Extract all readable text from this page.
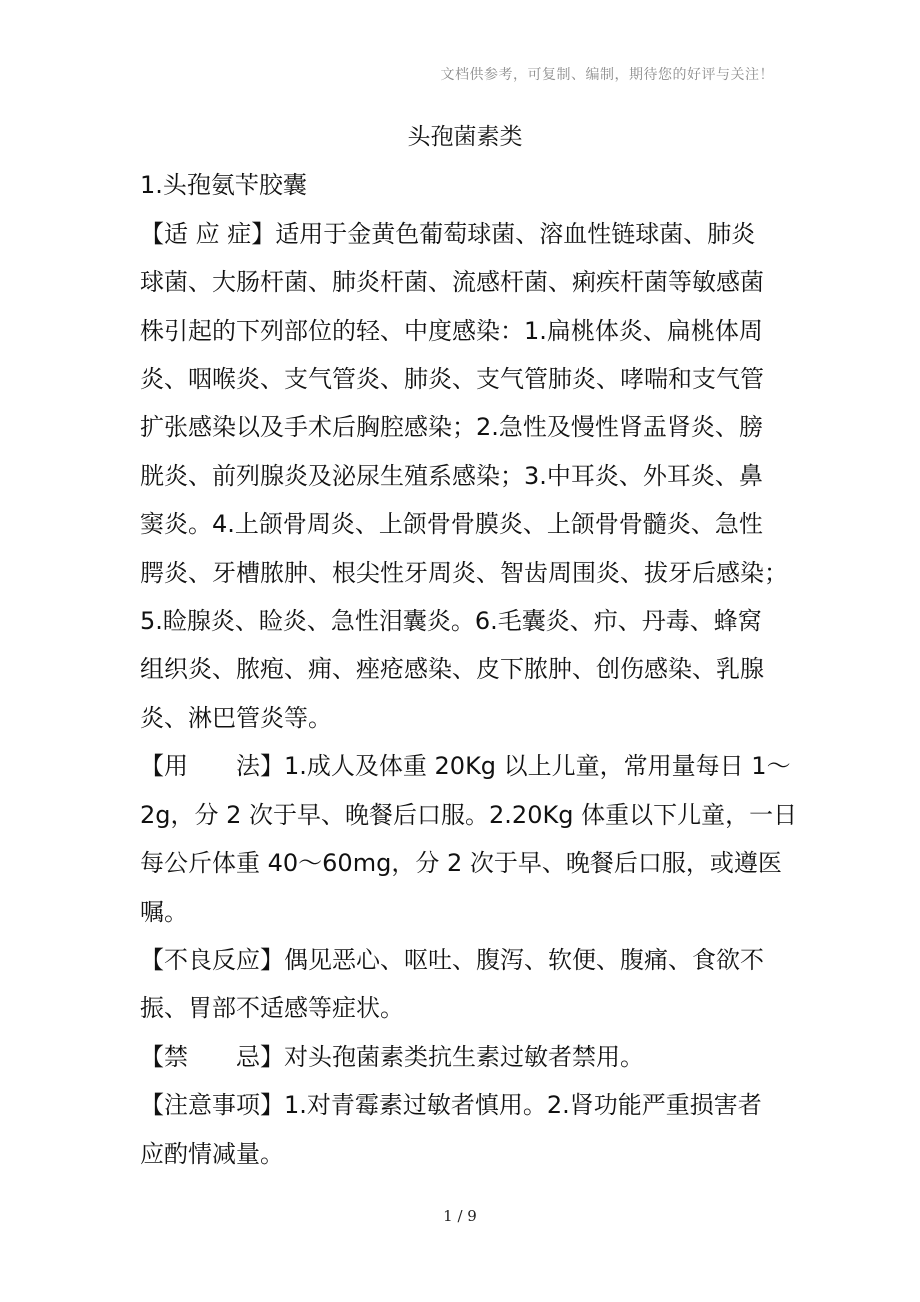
文档供参考，可复制、编制，期待您的好评与关注！
头孢菌素类
1.头孢氨苄胶囊
【适 应 症】适用于金黄色葡萄球菌、溶血性链球菌、肺炎
球菌、大肠杆菌、肺炎杆菌、流感杆菌、痢疾杆菌等敏感菌
株引起的下列部位的轻、中度感染：1.扁桃体炎、扁桃体周
炎、咽喉炎、支气管炎、肺炎、支气管肺炎、哮喘和支气管
扩张感染以及手术后胸腔感染；2.急性及慢性肾盂肾炎、膀
胱炎、前列腺炎及泌尿生殖系感染；3.中耳炎、外耳炎、鼻
窦炎。4.上颌骨周炎、上颌骨骨膜炎、上颌骨骨髓炎、急性
腭炎、牙槽脓肿、根尖性牙周炎、智齿周围炎、拔牙后感染；
5.睑腺炎、睑炎、急性泪囊炎。6.毛囊炎、疖、丹毒、蜂窝
组织炎、脓疱、痈、痤疮感染、皮下脓肿、创伤感染、乳腺
炎、淋巴管炎等。
【用　　法】1.成人及体重 20Kg 以上儿童，常用量每日 1～
2g，分 2 次于早、晚餐后口服。2.20Kg 体重以下儿童，一日
每公斤体重 40～60mg，分 2 次于早、晚餐后口服，或遵医
嘱。
【不良反应】偶见恶心、呕吐、腹泻、软便、腹痛、食欲不
振、胃部不适感等症状。
【禁　　忌】对头孢菌素类抗生素过敏者禁用。
【注意事项】1.对青霉素过敏者慎用。2.肾功能严重损害者
应酌情减量。
1 / 9
